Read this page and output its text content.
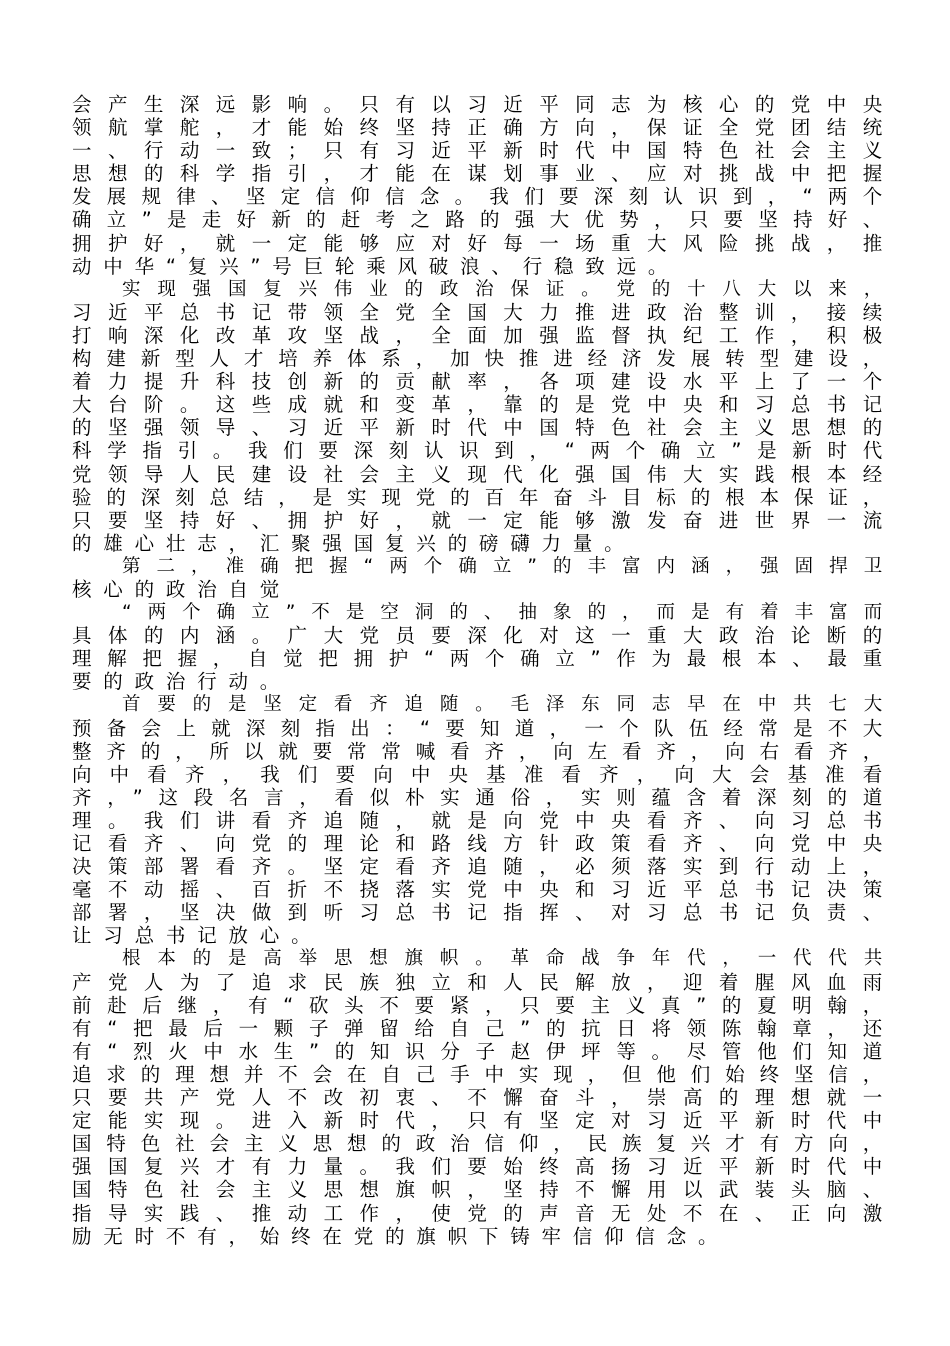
会产生深远影响。只有以习近平同志为核心的党中央
领航掌舵，才能始终坚持正确方向，保证全党团结统
一、行动一致；只有习近平新时代中国特色社会主义
思想的科学指引，才能在谋划事业、应对挑战中把握
发展规律、坚定信仰信念。我们要深刻认识到，“两个
确立”是走好新的赶考之路的强大优势，只要坚持好、
拥护好，就一定能够应对好每一场重大风险挑战，推
动中华“复兴”号巨轮乘风破浪、行稳致远。
实现强国复兴伟业的政治保证。党的十八大以来，
习近平总书记带领全党全国大力推进政治整训，接续
打响深化改革攻坚战，全面加强监督执纪工作，积极
构建新型人才培养体系，加快推进经济发展转型建设，
着力提升科技创新的贡献率，各项建设水平上了一个
大台阶。这些成就和变革，靠的是党中央和习总书记
的坚强领导、习近平新时代中国特色社会主义思想的
科学指引。我们要深刻认识到，“两个确立”是新时代
党领导人民建设社会主义现代化强国伟大实践根本经
验的深刻总结，是实现党的百年奋斗目标的根本保证，
只要坚持好、拥护好，就一定能够激发奋进世界一流
的雄心壮志，汇聚强国复兴的磅礴力量。
第二，准确把握“两个确立”的丰富内涵，强固捍卫
核心的政治自觉
“两个确立”不是空洞的、抽象的，而是有着丰富而
具体的内涵。广大党员要深化对这一重大政治论断的
理解把握，自觉把拥护“两个确立”作为最根本、最重
要的政治行动。
首要的是坚定看齐追随。毛泽东同志早在中共七大
预备会上就深刻指出：“要知道，一个队伍经常是不大
整齐的，所以就要常常喊看齐，向左看齐，向右看齐，
向中看齐，我们要向中央基准看齐，向大会基准看
齐，”这段名言，看似朴实通俗，实则蕴含着深刻的道
理。我们讲看齐追随，就是向党中央看齐、向习总书
记看齐、向党的理论和路线方针政策看齐、向党中央
决策部署看齐。坚定看齐追随，必须落实到行动上，
毫不动摇、百折不挠落实党中央和习近平总书记决策
部署，坚决做到听习总书记指挥、对习总书记负责、
让习总书记放心。
根本的是高举思想旗帜。革命战争年代，一代代共
产党人为了追求民族独立和人民解放，迎着腥风血雨
前赴后继，有“砍头不要紧，只要主义真”的夏明翰，
有“把最后一颗子弹留给自己”的抗日将领陈翰章，还
有“烈火中水生”的知识分子赵伊坪等。尽管他们知道
追求的理想并不会在自己手中实现，但他们始终坚信，
只要共产党人不改初衷、不懈奋斗，崇高的理想就一
定能实现。进入新时代，只有坚定对习近平新时代中
国特色社会主义思想的政治信仰，民族复兴才有方向，
强国复兴才有力量。我们要始终高扬习近平新时代中
国特色社会主义思想旗帜，坚持不懈用以武装头脑、
指导实践、推动工作，使党的声音无处不在、正向激
励无时不有，始终在党的旗帜下铸牢信仰信念。
